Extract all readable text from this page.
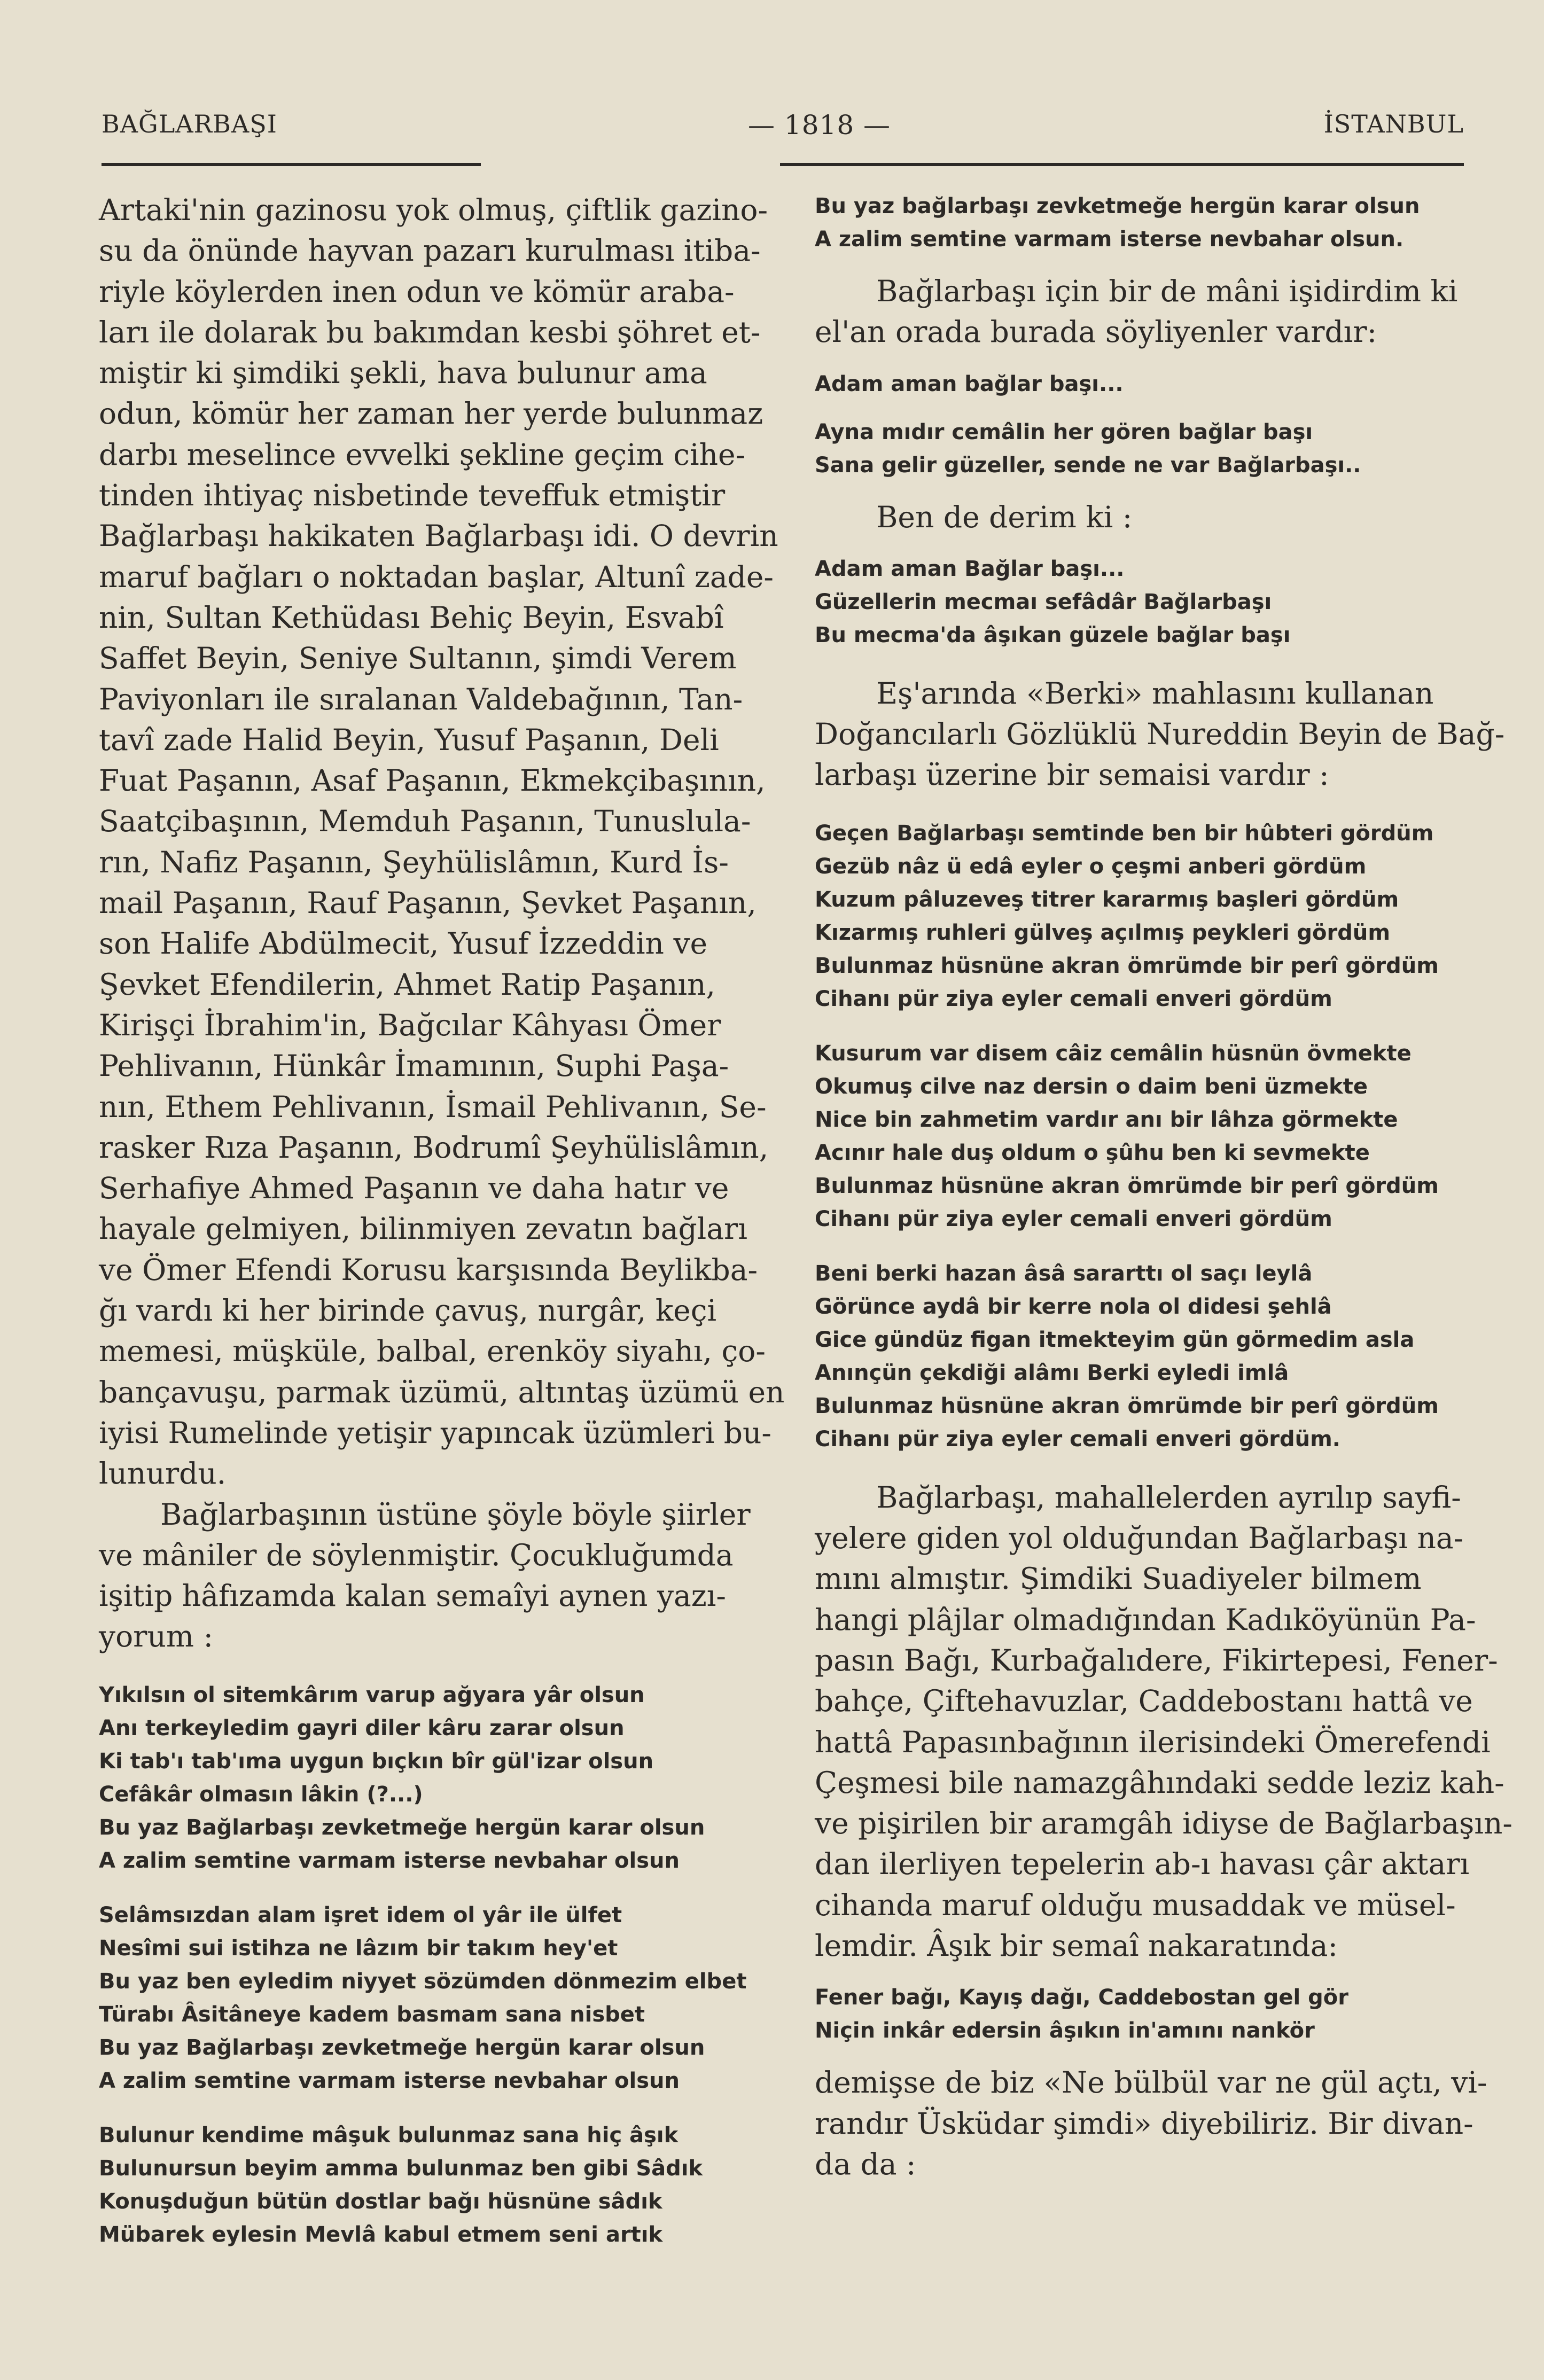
BAĞLARBAŞI	— 1818 —	İSTANBUL
Artaki'nin gazinosu yok olmuş, çiftlik gazino-
su da önünde hayvan pazarı kurulması itiba-
riyle köylerden inen odun ve kömür araba-
ları ile dolarak bu bakımdan kesbi şöhret et-
miştir ki şimdiki şekli, hava bulunur ama
odun, kömür her zaman her yerde bulunmaz
darbı meselince evvelki şekline geçim cihe-
tinden ihtiyaç nisbetinde teveffuk etmiştir
Bağlarbaşı hakikaten Bağlarbaşı idi. O devrin
maruf bağları o noktadan başlar, Altunî zade-
nin, Sultan Kethüdası Behiç Beyin, Esvabî
Saffet Beyin, Seniye Sultanın, şimdi Verem
Paviyonları ile sıralanan Valdebağının, Tan-
tavî zade Halid Beyin, Yusuf Paşanın, Deli
Fuat Paşanın, Asaf Paşanın, Ekmekçibaşının,
Saatçibaşının, Memduh Paşanın, Tunuslula-
rın, Nafiz Paşanın, Şeyhülislâmın, Kurd İs-
mail Paşanın, Rauf Paşanın, Şevket Paşanın,
son Halife Abdülmecit, Yusuf İzzeddin ve
Şevket Efendilerin, Ahmet Ratip Paşanın,
Kirişçi İbrahim'in, Bağcılar Kâhyası Ömer
Pehlivanın, Hünkâr İmamının, Suphi Paşa-
nın, Ethem Pehlivanın, İsmail Pehlivanın, Se-
rasker Rıza Paşanın, Bodrumî Şeyhülislâmın,
Serhafiye Ahmed Paşanın ve daha hatır ve
hayale gelmiyen, bilinmiyen zevatın bağları
ve Ömer Efendi Korusu karşısında Beylikba-
ğı vardı ki her birinde çavuş, nurgâr, keçi
memesi, müşküle, balbal, erenköy siyahı, ço-
bançavuşu, parmak üzümü, altıntaş üzümü en
iyisi Rumelinde yetişir yapıncak üzümleri bu-
lunurdu.
Bağlarbaşının üstüne şöyle böyle şiirler
ve mâniler de söylenmiştir. Çocukluğumda
işitip hâfızamda kalan semaîyi aynen yazı-
yorum :
Yıkılsın ol sitemkârım varup ağyara yâr olsun
Anı terkeyledim gayri diler kâru zarar olsun
Ki tab'ı tab'ıma uygun bıçkın bîr gül'izar olsun
Cefâkâr olmasın lâkin (?...)
Bu yaz Bağlarbaşı zevketmeğe hergün karar olsun
A zalim semtine varmam isterse nevbahar olsun
Selâmsızdan alam işret idem ol yâr ile ülfet
Nesîmi sui istihza ne lâzım bir takım hey'et
Bu yaz ben eyledim niyyet sözümden dönmezim elbet
Türabı Âsitâneye kadem basmam sana nisbet
Bu yaz Bağlarbaşı zevketmeğe hergün karar olsun
A zalim semtine varmam isterse nevbahar olsun
Bulunur kendime mâşuk bulunmaz sana hiç âşık
Bulunursun beyim amma bulunmaz ben gibi Sâdık
Konuşduğun bütün dostlar bağı hüsnüne sâdık
Mübarek eylesin Mevlâ kabul etmem seni artık
Bu yaz bağlarbaşı zevketmeğe hergün karar olsun
A zalim semtine varmam isterse nevbahar olsun.
Bağlarbaşı için bir de mâni işidirdim ki
el'an orada burada söyliyenler vardır:
Adam aman bağlar başı...
Ayna mıdır cemâlin her gören bağlar başı
Sana gelir güzeller, sende ne var Bağlarbaşı..
Ben de derim ki :
Adam aman Bağlar başı...
Güzellerin mecmaı sefâdâr Bağlarbaşı
Bu mecma'da âşıkan güzele bağlar başı
Eş'arında «Berki» mahlasını kullanan
Doğancılarlı Gözlüklü Nureddin Beyin de Bağ-
larbaşı üzerine bir semaisi vardır :
Geçen Bağlarbaşı semtinde ben bir hûbteri gördüm
Gezüb nâz ü edâ eyler o çeşmi anberi gördüm
Kuzum pâluzeveş titrer kararmış başleri gördüm
Kızarmış ruhleri gülveş açılmış peykleri gördüm
Bulunmaz hüsnüne akran ömrümde bir perî gördüm
Cihanı pür ziya eyler cemali enveri gördüm
Kusurum var disem câiz cemâlin hüsnün övmekte
Okumuş cilve naz dersin o daim beni üzmekte
Nice bin zahmetim vardır anı bir lâhza görmekte
Acınır hale duş oldum o şûhu ben ki sevmekte
Bulunmaz hüsnüne akran ömrümde bir perî gördüm
Cihanı pür ziya eyler cemali enveri gördüm
Beni berki hazan âsâ sararttı ol saçı leylâ
Görünce aydâ bir kerre nola ol didesi şehlâ
Gice gündüz figan itmekteyim gün görmedim asla
Anınçün çekdiği alâmı Berki eyledi imlâ
Bulunmaz hüsnüne akran ömrümde bir perî gördüm
Cihanı pür ziya eyler cemali enveri gördüm.
Bağlarbaşı, mahallelerden ayrılıp sayfi-
yelere giden yol olduğundan Bağlarbaşı na-
mını almıştır. Şimdiki Suadiyeler bilmem
hangi plâjlar olmadığından Kadıköyünün Pa-
pasın Bağı, Kurbağalıdere, Fikirtepesi, Fener-
bahçe, Çiftehavuzlar, Caddebostanı hattâ ve
hattâ Papasınbağının ilerisindeki Ömerefendi
Çeşmesi bile namazgâhındaki sedde leziz kah-
ve pişirilen bir aramgâh idiyse de Bağlarbaşın-
dan ilerliyen tepelerin ab-ı havası çâr aktarı
cihanda maruf olduğu musaddak ve müsel-
lemdir. Âşık bir semaî nakaratında:
Fener bağı, Kayış dağı, Caddebostan gel gör
Niçin inkâr edersin âşıkın in'amını nankör
demişse de biz «Ne bülbül var ne gül açtı, vi-
randır Üsküdar şimdi» diyebiliriz. Bir divan-
da da :
